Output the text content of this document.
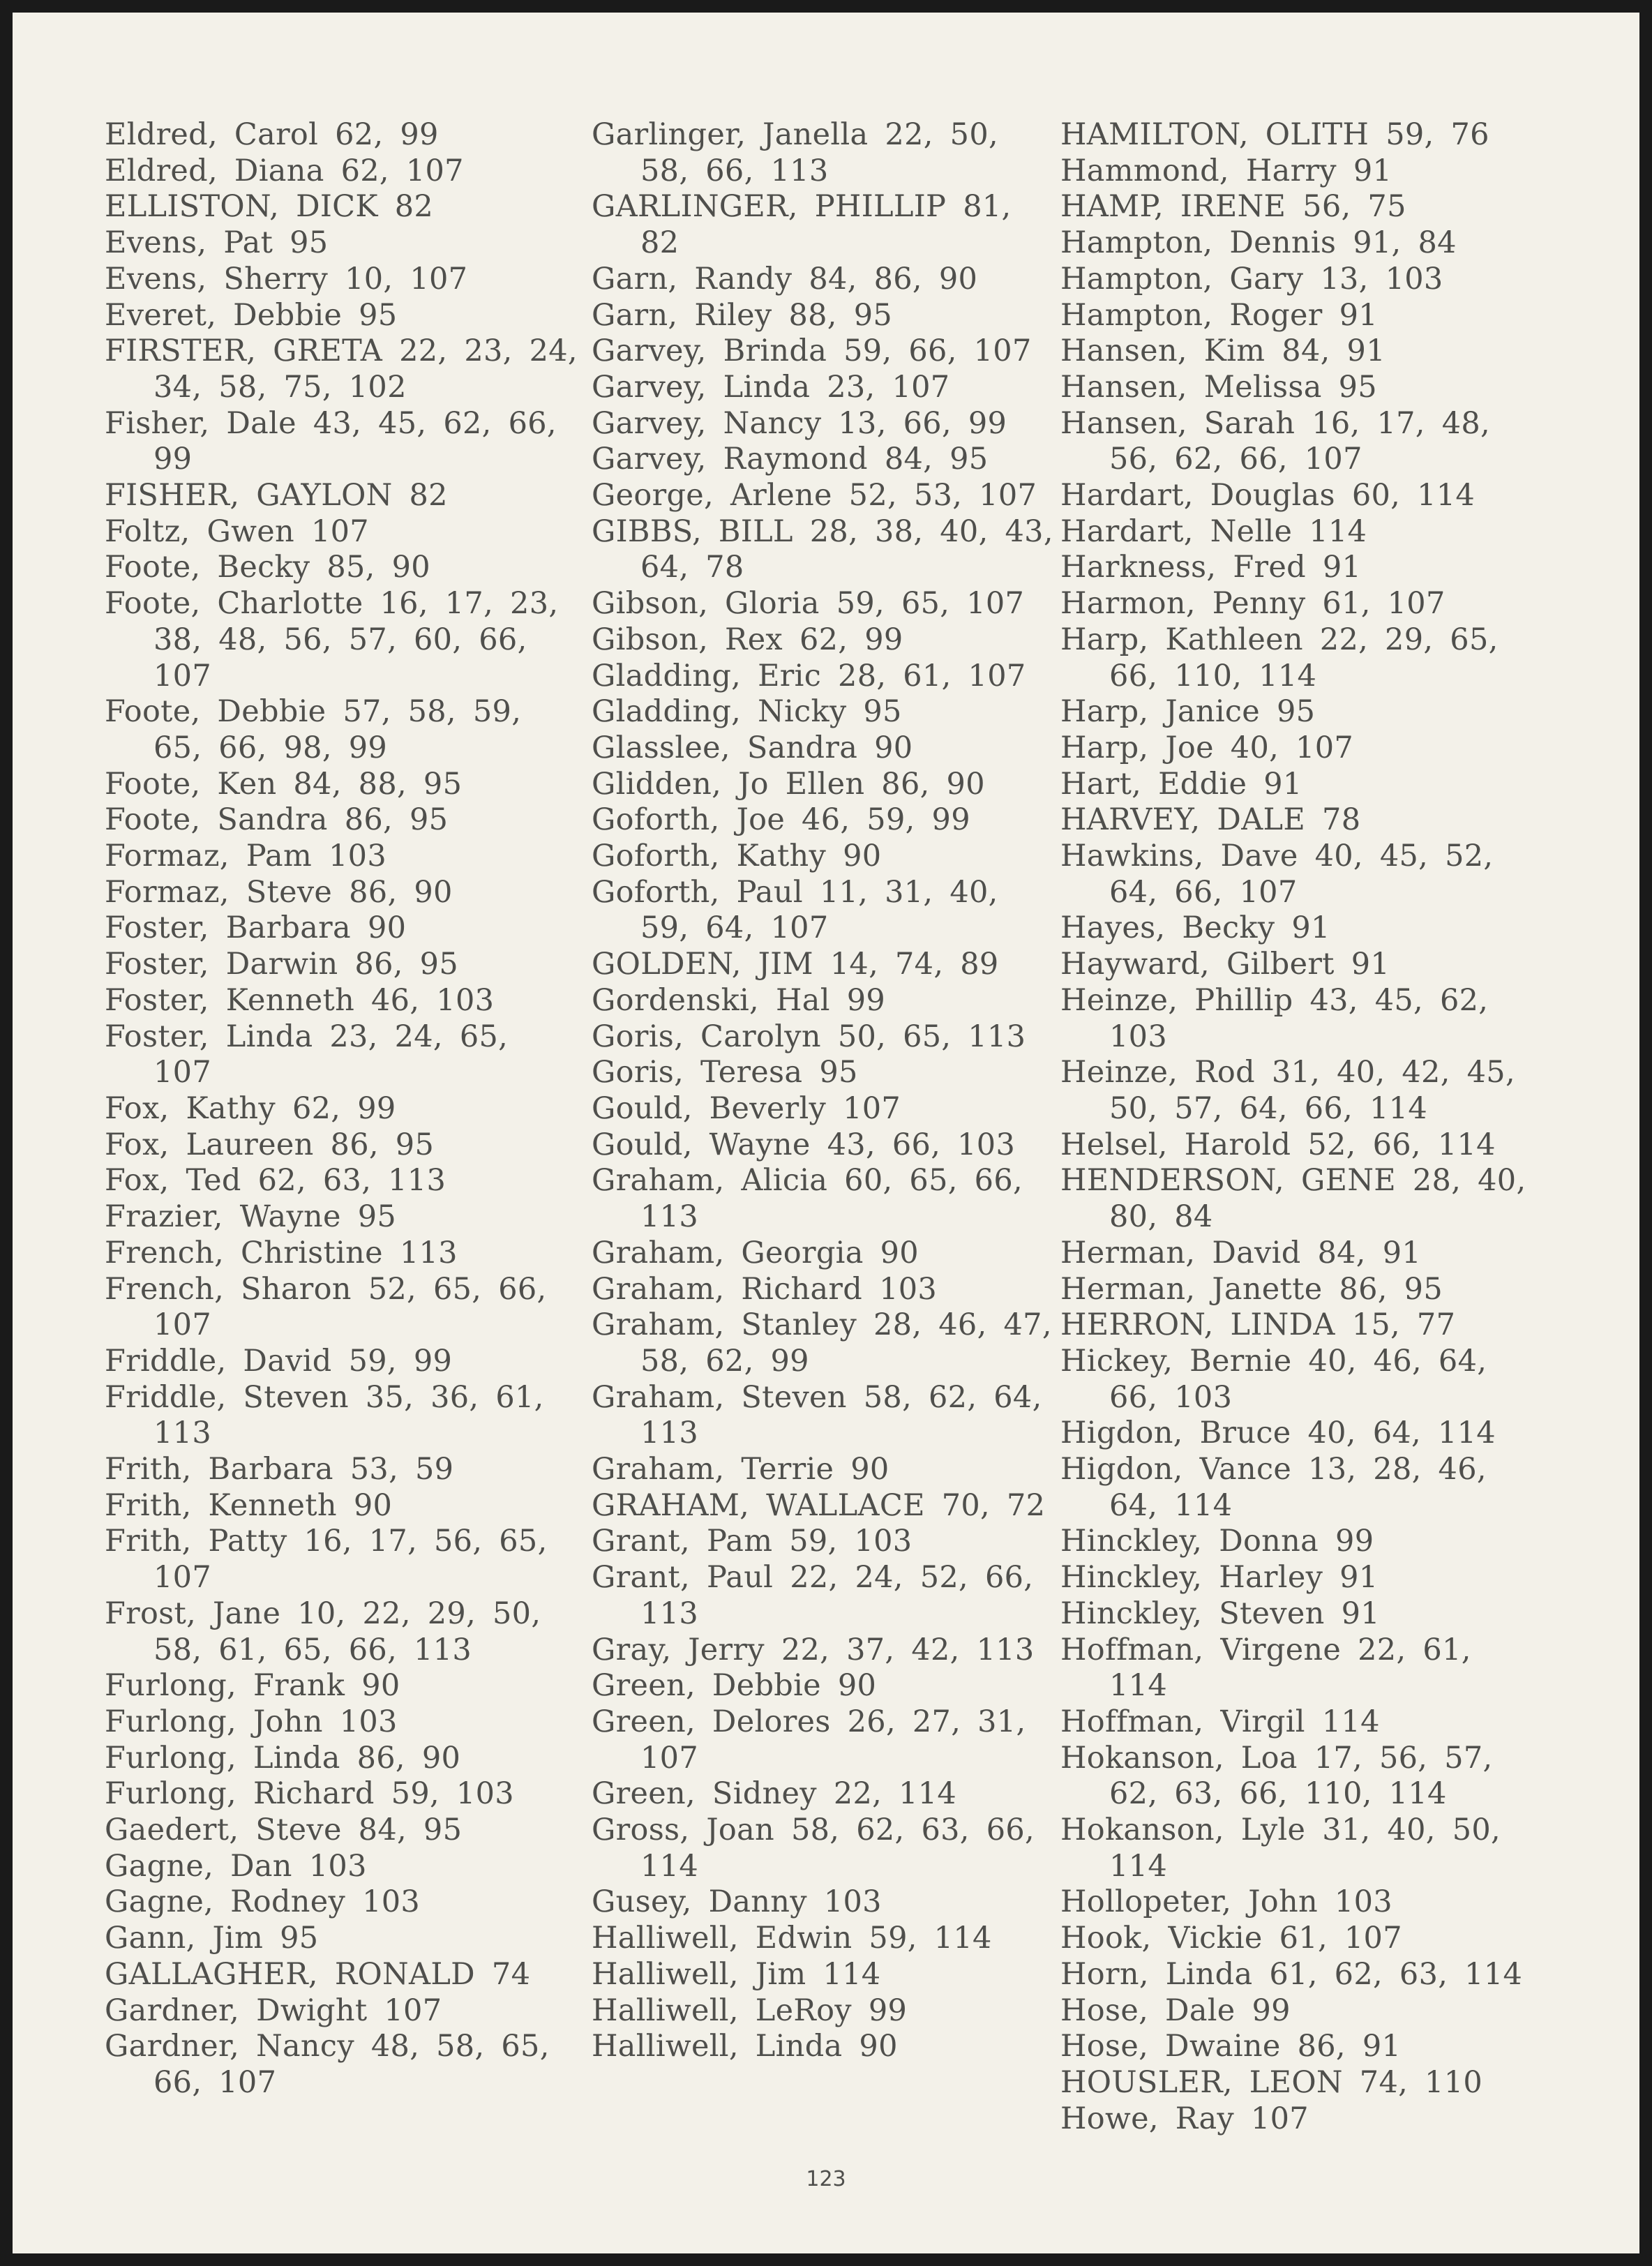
Eldred, Carol 62, 99
Eldred, Diana 62, 107
ELLISTON, DICK 82
Evens, Pat 95
Evens, Sherry 10, 107
Everet, Debbie 95
FIRSTER, GRETA 22, 23, 24, 34, 58, 75, 102
Fisher, Dale 43, 45, 62, 66, 99
FISHER, GAYLON 82
Foltz, Gwen 107
Foote, Becky 85, 90
Foote, Charlotte 16, 17, 23, 38, 48, 56, 57, 60, 66, 107
Foote, Debbie 57, 58, 59, 65, 66, 98, 99
Foote, Ken 84, 88, 95
Foote, Sandra 86, 95
Formaz, Pam 103
Formaz, Steve 86, 90
Foster, Barbara 90
Foster, Darwin 86, 95
Foster, Kenneth 46, 103
Foster, Linda 23, 24, 65, 107
Fox, Kathy 62, 99
Fox, Laureen 86, 95
Fox, Ted 62, 63, 113
Frazier, Wayne 95
French, Christine 113
French, Sharon 52, 65, 66, 107
Friddle, David 59, 99
Friddle, Steven 35, 36, 61, 113
Frith, Barbara 53, 59
Frith, Kenneth 90
Frith, Patty 16, 17, 56, 65, 107
Frost, Jane 10, 22, 29, 50, 58, 61, 65, 66, 113
Furlong, Frank 90
Furlong, John 103
Furlong, Linda 86, 90
Furlong, Richard 59, 103
Gaedert, Steve 84, 95
Gagne, Dan 103
Gagne, Rodney 103
Gann, Jim 95
GALLAGHER, RONALD 74
Gardner, Dwight 107
Gardner, Nancy 48, 58, 65, 66, 107
Garlinger, Janella 22, 50, 58, 66, 113
GARLINGER, PHILLIP 81, 82
Garn, Randy 84, 86, 90
Garn, Riley 88, 95
Garvey, Brinda 59, 66, 107
Garvey, Linda 23, 107
Garvey, Nancy 13, 66, 99
Garvey, Raymond 84, 95
George, Arlene 52, 53, 107
GIBBS, BILL 28, 38, 40, 43, 64, 78
Gibson, Gloria 59, 65, 107
Gibson, Rex 62, 99
Gladding, Eric 28, 61, 107
Gladding, Nicky 95
Glasslee, Sandra 90
Glidden, Jo Ellen 86, 90
Goforth, Joe 46, 59, 99
Goforth, Kathy 90
Goforth, Paul 11, 31, 40, 59, 64, 107
GOLDEN, JIM 14, 74, 89
Gordenski, Hal 99
Goris, Carolyn 50, 65, 113
Goris, Teresa 95
Gould, Beverly 107
Gould, Wayne 43, 66, 103
Graham, Alicia 60, 65, 66, 113
Graham, Georgia 90
Graham, Richard 103
Graham, Stanley 28, 46, 47, 58, 62, 99
Graham, Steven 58, 62, 64, 113
Graham, Terrie 90
GRAHAM, WALLACE 70, 72
Grant, Pam 59, 103
Grant, Paul 22, 24, 52, 66, 113
Gray, Jerry 22, 37, 42, 113
Green, Debbie 90
Green, Delores 26, 27, 31, 107
Green, Sidney 22, 114
Gross, Joan 58, 62, 63, 66, 114
Gusey, Danny 103
Halliwell, Edwin 59, 114
Halliwell, Jim 114
Halliwell, LeRoy 99
Halliwell, Linda 90
HAMILTON, OLITH 59, 76
Hammond, Harry 91
HAMP, IRENE 56, 75
Hampton, Dennis 91, 84
Hampton, Gary 13, 103
Hampton, Roger 91
Hansen, Kim 84, 91
Hansen, Melissa 95
Hansen, Sarah 16, 17, 48, 56, 62, 66, 107
Hardart, Douglas 60, 114
Hardart, Nelle 114
Harkness, Fred 91
Harmon, Penny 61, 107
Harp, Kathleen 22, 29, 65, 66, 110, 114
Harp, Janice 95
Harp, Joe 40, 107
Hart, Eddie 91
HARVEY, DALE 78
Hawkins, Dave 40, 45, 52, 64, 66, 107
Hayes, Becky 91
Hayward, Gilbert 91
Heinze, Phillip 43, 45, 62, 103
Heinze, Rod 31, 40, 42, 45, 50, 57, 64, 66, 114
Helsel, Harold 52, 66, 114
HENDERSON, GENE 28, 40, 80, 84
Herman, David 84, 91
Herman, Janette 86, 95
HERRON, LINDA 15, 77
Hickey, Bernie 40, 46, 64, 66, 103
Higdon, Bruce 40, 64, 114
Higdon, Vance 13, 28, 46, 64, 114
Hinckley, Donna 99
Hinckley, Harley 91
Hinckley, Steven 91
Hoffman, Virgene 22, 61, 114
Hoffman, Virgil 114
Hokanson, Loa 17, 56, 57, 62, 63, 66, 110, 114
Hokanson, Lyle 31, 40, 50, 114
Hollopeter, John 103
Hook, Vickie 61, 107
Horn, Linda 61, 62, 63, 114
Hose, Dale 99
Hose, Dwaine 86, 91
HOUSLER, LEON 74, 110
Howe, Ray 107
123
